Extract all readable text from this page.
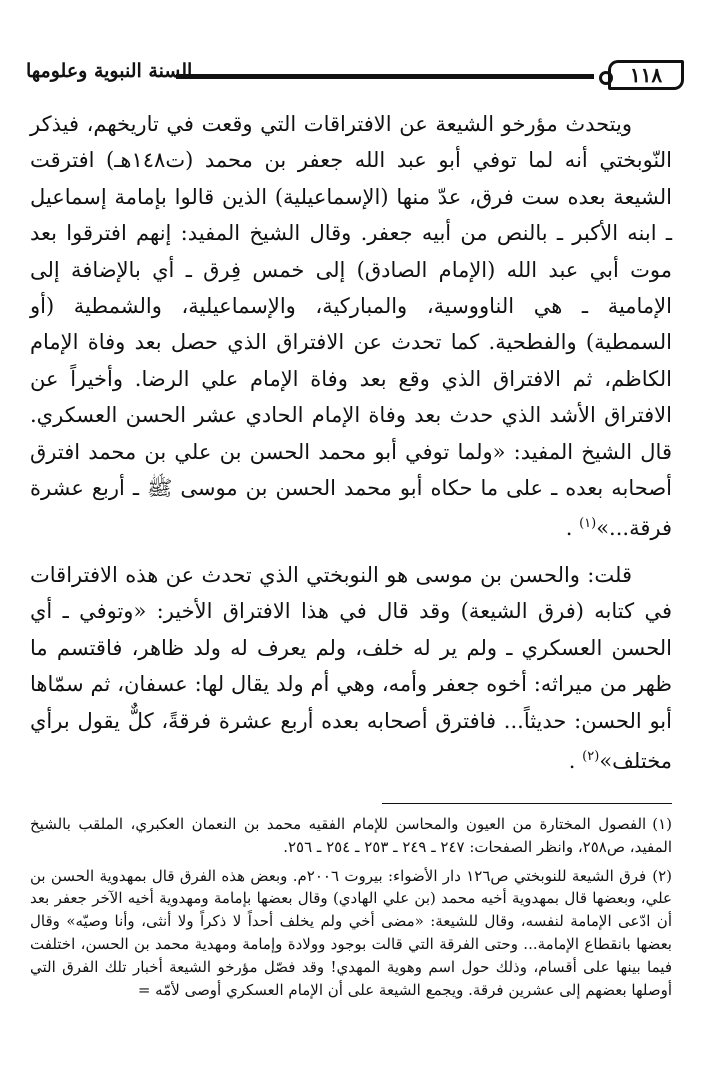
١١٨
السنة النبوية وعلومها

ويتحدث مؤرخو الشيعة عن الافتراقات التي وقعت في تاريخهم، فيذكر النّوبختي أنه لما توفي أبو عبد الله جعفر بن محمد (ت١٤٨هـ) افترقت الشيعة بعده ست فرق، عدّ منها (الإسماعيلية) الذين قالوا بإمامة إسماعيل ـ ابنه الأكبر ـ بالنص من أبيه جعفر. وقال الشيخ المفيد: إنهم افترقوا بعد موت أبي عبد الله (الإمام الصادق) إلى خمس فِرق ـ أي بالإضافة إلى الإمامية ـ هي الناووسية، والمباركية، والإسماعيلية، والشمطية (أو السمطية) والفطحية. كما تحدث عن الافتراق الذي حصل بعد وفاة الإمام الكاظم، ثم الافتراق الذي وقع بعد وفاة الإمام علي الرضا. وأخيراً عن الافتراق الأشد الذي حدث بعد وفاة الإمام الحادي عشر الحسن العسكري. قال الشيخ المفيد: «ولما توفي أبو محمد الحسن بن علي بن محمد افترق أصحابه بعده ـ على ما حكاه أبو محمد الحسن بن موسى ﷺ ـ أربع عشرة فرقة...»$^{(١)}$ .

قلت: والحسن بن موسى هو النوبختي الذي تحدث عن هذه الافتراقات في كتابه (فرق الشيعة) وقد قال في هذا الافتراق الأخير: «وتوفي ـ أي الحسن العسكري ـ ولم ير له خلف، ولم يعرف له ولد ظاهر، فاقتسم ما ظهر من ميراثه: أخوه جعفر وأمه، وهي أم ولد يقال لها: عسفان، ثم سمّاها أبو الحسن: حديثاً... فافترق أصحابه بعده أربع عشرة فرقةً، كلٌّ يقول برأي مختلف»$^{(٢)}$ .

(١)الفصول المختارة من العيون والمحاسن للإمام الفقيه محمد بن النعمان العكبري، الملقب بالشيخ المفيد، ص٢٥٨، وانظر الصفحات: ٢٤٧ ـ ٢٤٩ ـ ٢٥٣ ـ ٢٥٤ ـ ٢٥٦.

(٢)فرق الشيعة للنوبختي ص١٢٦ دار الأضواء: بيروت ٢٠٠٦م. وبعض هذه الفرق قال بمهدوية الحسن بن علي، وبعضها قال بمهدوية أخيه محمد (بن علي الهادي) وقال بعضها بإمامة ومهدوية أخيه الآخر جعفر بعد أن ادّعى الإمامة لنفسه، وقال للشيعة: «مضى أخي ولم يخلف أحداً لا ذكراً ولا أنثى، وأنا وصيّه» وقال بعضها بانقطاع الإمامة... وحتى الفرقة التي قالت بوجود وولادة وإمامة ومهدية محمد بن الحسن، اختلفت فيما بينها على أقسام، وذلك حول اسم وهوية المهدي! وقد فصّل مؤرخو الشيعة أخبار تلك الفرق التي أوصلها بعضهم إلى عشرين فرقة. ويجمع الشيعة على أن الإمام العسكري أوصى لأمّه =
